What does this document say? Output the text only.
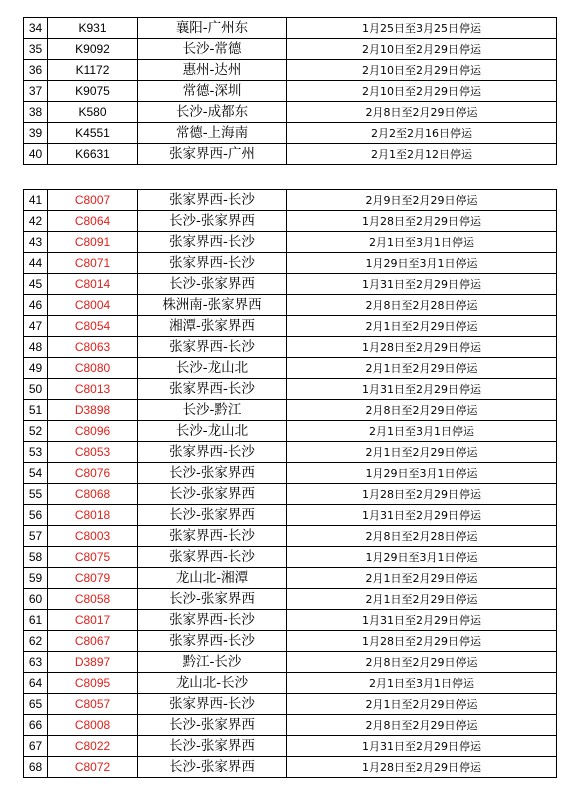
34	K931	襄阳-广州东	1月25日至3月25日停运
35	K9092	长沙-常德	2月10日至2月29日停运
36	K1172	惠州-达州	2月10日至2月29日停运
37	K9075	常德-深圳	2月10日至2月29日停运
38	K580	长沙-成都东	2月8日至2月29日停运
39	K4551	常德-上海南	2月2至2月16日停运
40	K6631	张家界西-广州	2月1至2月12日停运
41	C8007	张家界西-长沙	2月9日至2月29日停运
42	C8064	长沙-张家界西	1月28日至2月29日停运
43	C8091	张家界西-长沙	2月1日至3月1日停运
44	C8071	张家界西-长沙	1月29日至3月1日停运
45	C8014	长沙-张家界西	1月31日至2月29日停运
46	C8004	株洲南-张家界西	2月8日至2月28日停运
47	C8054	湘潭-张家界西	2月1日至2月29日停运
48	C8063	张家界西-长沙	1月28日至2月29日停运
49	C8080	长沙-龙山北	2月1日至2月29日停运
50	C8013	张家界西-长沙	1月31日至2月29日停运
51	D3898	长沙-黔江	2月8日至2月29日停运
52	C8096	长沙-龙山北	2月1日至3月1日停运
53	C8053	张家界西-长沙	2月1日至2月29日停运
54	C8076	长沙-张家界西	1月29日至3月1日停运
55	C8068	长沙-张家界西	1月28日至2月29日停运
56	C8018	长沙-张家界西	1月31日至2月29日停运
57	C8003	张家界西-长沙	2月8日至2月28日停运
58	C8075	张家界西-长沙	1月29日至3月1日停运
59	C8079	龙山北-湘潭	2月1日至2月29日停运
60	C8058	长沙-张家界西	2月1日至2月29日停运
61	C8017	张家界西-长沙	1月31日至2月29日停运
62	C8067	张家界西-长沙	1月28日至2月29日停运
63	D3897	黔江-长沙	2月8日至2月29日停运
64	C8095	龙山北-长沙	2月1日至3月1日停运
65	C8057	张家界西-长沙	2月1日至2月29日停运
66	C8008	长沙-张家界西	2月8日至2月29日停运
67	C8022	长沙-张家界西	1月31日至2月29日停运
68	C8072	长沙-张家界西	1月28日至2月29日停运
